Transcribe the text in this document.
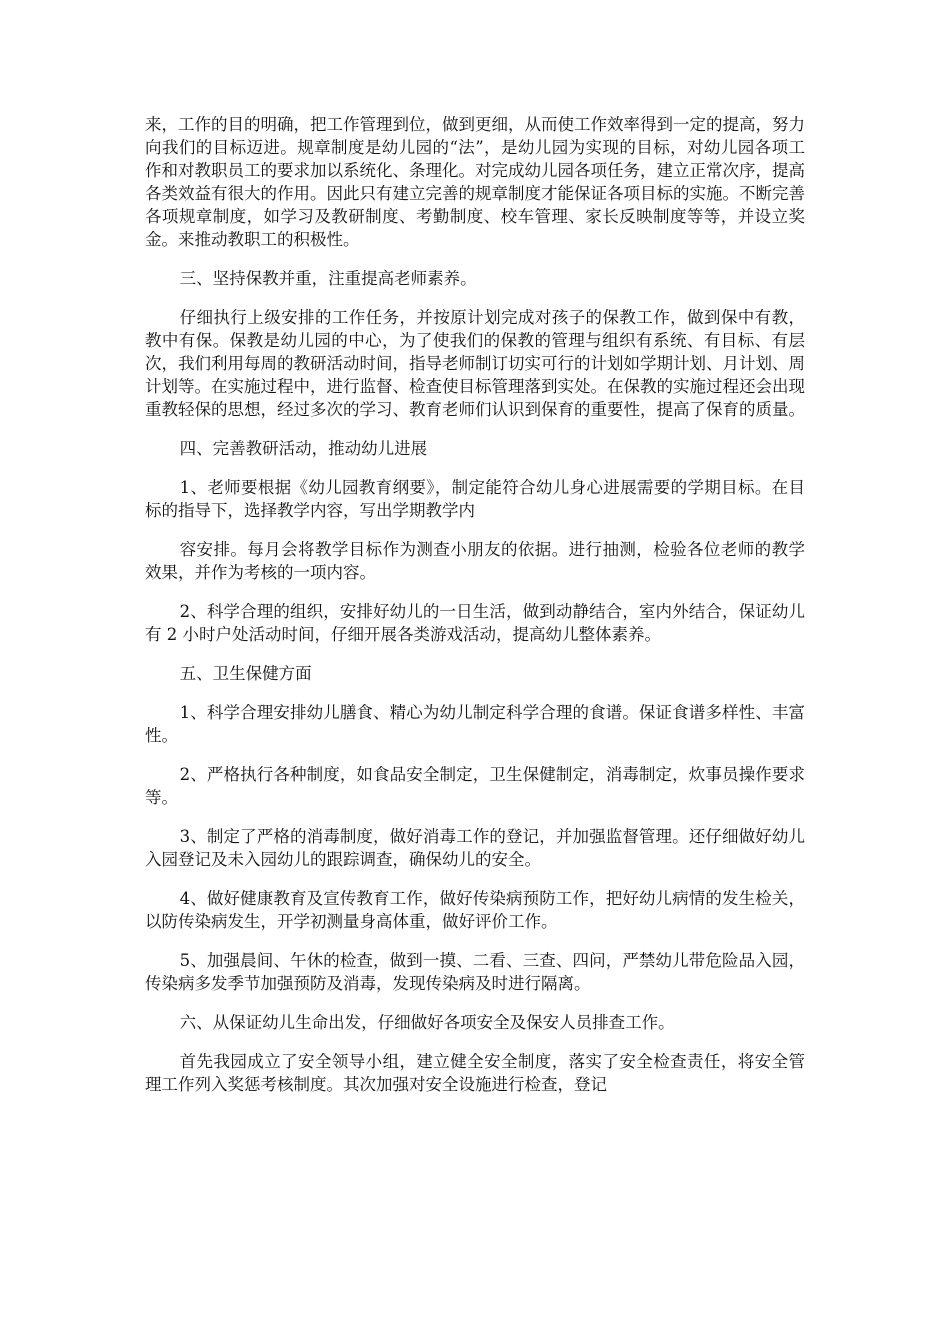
来，工作的目的明确，把工作管理到位，做到更细，从而使工作效率得到一定的提高，努力向我们的目标迈进。规章制度是幼儿园的“法”，是幼儿园为实现的目标，对幼儿园各项工作和对教职员工的要求加以系统化、条理化。对完成幼儿园各项任务，建立正常次序，提高各类效益有很大的作用。因此只有建立完善的规章制度才能保证各项目标的实施。不断完善各项规章制度，如学习及教研制度、考勤制度、校车管理、家长反映制度等等，并设立奖金。来推动教职工的积极性。

三、坚持保教并重，注重提高老师素养。

仔细执行上级安排的工作任务，并按原计划完成对孩子的保教工作，做到保中有教，教中有保。保教是幼儿园的中心，为了使我们的保教的管理与组织有系统、有目标、有层次，我们利用每周的教研活动时间，指导老师制订切实可行的计划如学期计划、月计划、周计划等。在实施过程中，进行监督、检查使目标管理落到实处。在保教的实施过程还会出现重教轻保的思想，经过多次的学习、教育老师们认识到保育的重要性，提高了保育的质量。

四、完善教研活动，推动幼儿进展

1、老师要根据《幼儿园教育纲要》，制定能符合幼儿身心进展需要的学期目标。在目标的指导下，选择教学内容，写出学期教学内

容安排。每月会将教学目标作为测查小朋友的依据。进行抽测，检验各位老师的教学效果，并作为考核的一项内容。

2、科学合理的组织，安排好幼儿的一日生活，做到动静结合，室内外结合，保证幼儿有 2 小时户处活动时间，仔细开展各类游戏活动，提高幼儿整体素养。

五、卫生保健方面

1、科学合理安排幼儿膳食、精心为幼儿制定科学合理的食谱。保证食谱多样性、丰富性。

2、严格执行各种制度，如食品安全制定，卫生保健制定，消毒制定，炊事员操作要求等。

3、制定了严格的消毒制度，做好消毒工作的登记，并加强监督管理。还仔细做好幼儿入园登记及未入园幼儿的跟踪调查，确保幼儿的安全。

4、做好健康教育及宣传教育工作，做好传染病预防工作，把好幼儿病情的发生检关，以防传染病发生，开学初测量身高体重，做好评价工作。

5、加强晨间、午休的检查，做到一摸、二看、三查、四问，严禁幼儿带危险品入园，传染病多发季节加强预防及消毒，发现传染病及时进行隔离。

六、从保证幼儿生命出发，仔细做好各项安全及保安人员排查工作。

首先我园成立了安全领导小组，建立健全安全制度，落实了安全检查责任，将安全管理工作列入奖惩考核制度。其次加强对安全设施进行检查，登记
